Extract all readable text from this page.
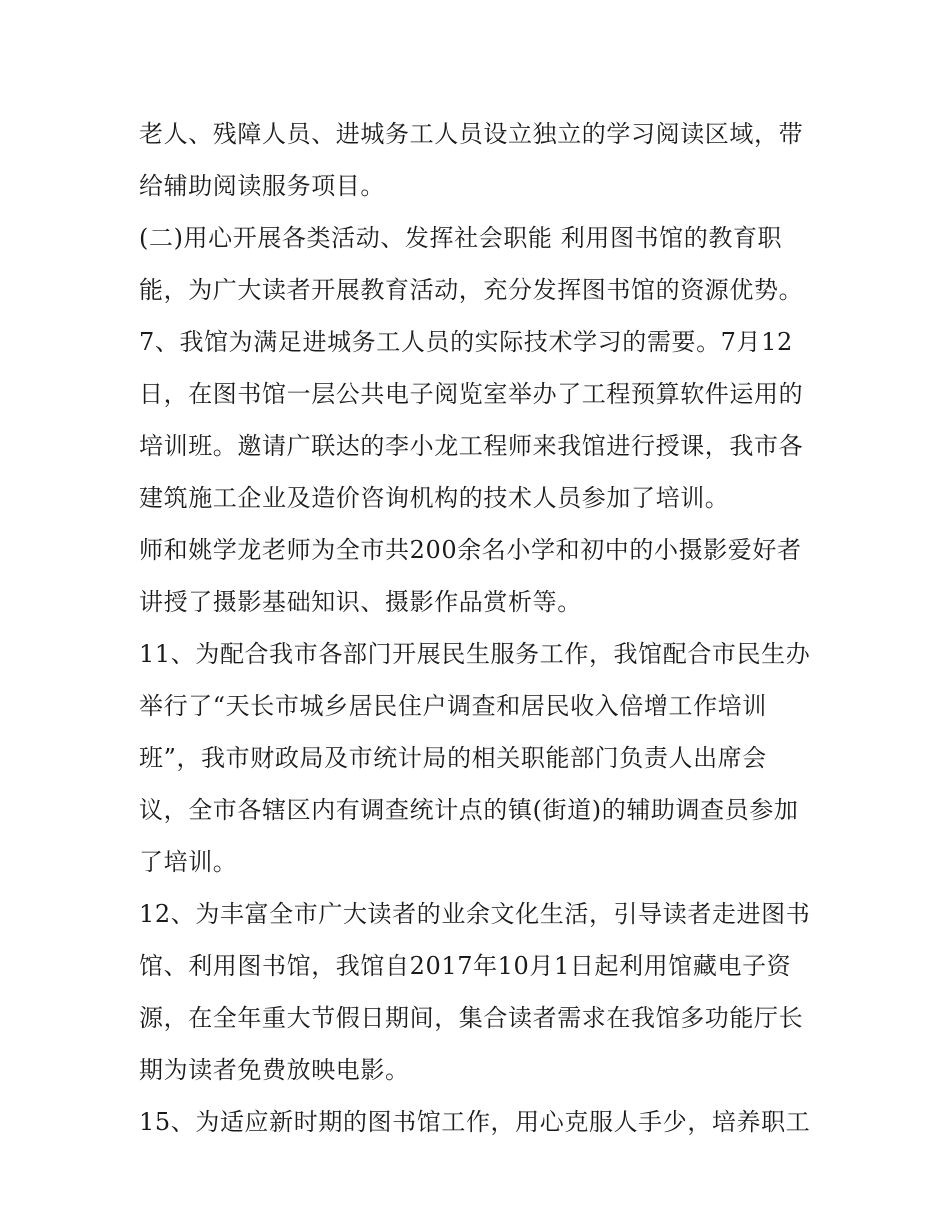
老人、残障人员、进城务工人员设立独立的学习阅读区域，带
给辅助阅读服务项目。
(二)用心开展各类活动、发挥社会职能 利用图书馆的教育职
能，为广大读者开展教育活动，充分发挥图书馆的资源优势。
7、我馆为满足进城务工人员的实际技术学习的需要。7月12
日，在图书馆一层公共电子阅览室举办了工程预算软件运用的
培训班。邀请广联达的李小龙工程师来我馆进行授课，我市各
建筑施工企业及造价咨询机构的技术人员参加了培训。
师和姚学龙老师为全市共200余名小学和初中的小摄影爱好者
讲授了摄影基础知识、摄影作品赏析等。
11、为配合我市各部门开展民生服务工作，我馆配合市民生办
举行了“天长市城乡居民住户调查和居民收入倍增工作培训
班”，我市财政局及市统计局的相关职能部门负责人出席会
议，全市各辖区内有调查统计点的镇(街道)的辅助调查员参加
了培训。
12、为丰富全市广大读者的业余文化生活，引导读者走进图书
馆、利用图书馆，我馆自2017年10月1日起利用馆藏电子资
源，在全年重大节假日期间，集合读者需求在我馆多功能厅长
期为读者免费放映电影。
15、为适应新时期的图书馆工作，用心克服人手少，培养职工
